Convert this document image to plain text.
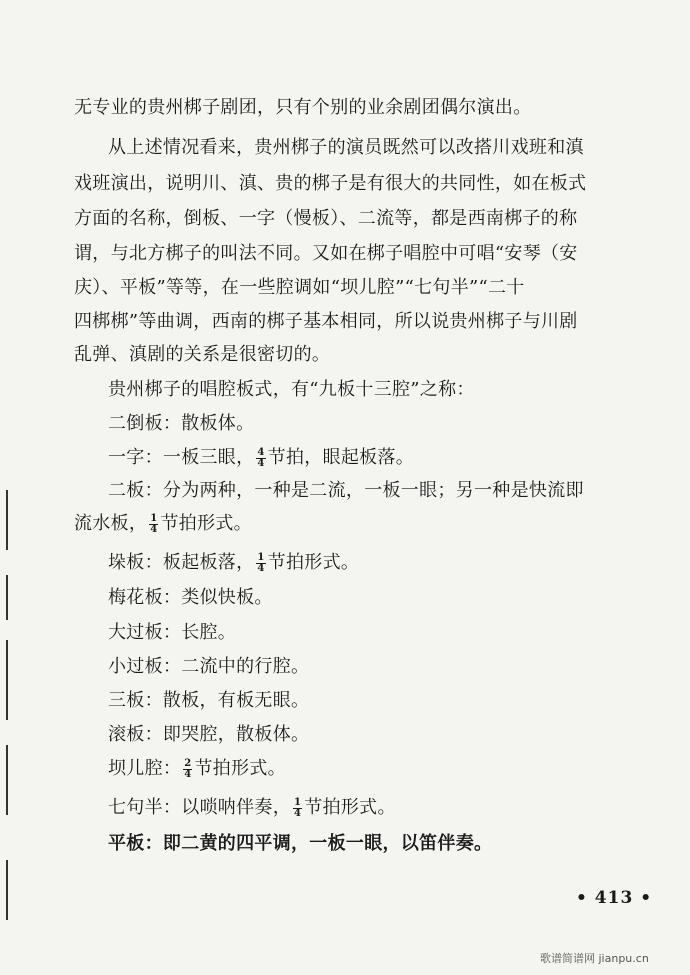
无专业的贵州梆子剧团，只有个别的业余剧团偶尔演出。
从上述情况看来，贵州梆子的演员既然可以改搭川戏班和滇
戏班演出，说明川、滇、贵的梆子是有很大的共同性，如在板式
方面的名称，倒板、一字（慢板）、二流等，都是西南梆子的称
谓，与北方梆子的叫法不同。又如在梆子唱腔中可唱“安琴（安
庆）、平板”等等，在一些腔调如“坝儿腔”“七句半”“二十
四梆梆”等曲调，西南的梆子基本相同，所以说贵州梆子与川剧
乱弹、滇剧的关系是很密切的。
贵州梆子的唱腔板式，有“九板十三腔”之称：
二倒板：散板体。
一字：一板三眼， $\frac{4}{4}$ 节拍，眼起板落。
二板：分为两种，一种是二流，一板一眼；另一种是快流即
流水板， $\frac{1}{4}$ 节拍形式。
垛板：板起板落， $\frac{1}{4}$ 节拍形式。
梅花板：类似快板。
大过板：长腔。
小过板：二流中的行腔。
三板：散板，有板无眼。
滚板：即哭腔，散板体。
坝儿腔： $\frac{2}{4}$ 节拍形式。
七句半：以唢呐伴奏， $\frac{1}{4}$ 节拍形式。
平板：即二黄的四平调，一板一眼，以笛伴奏。
• 413 •
歌谱简谱网 jianpu.cn
